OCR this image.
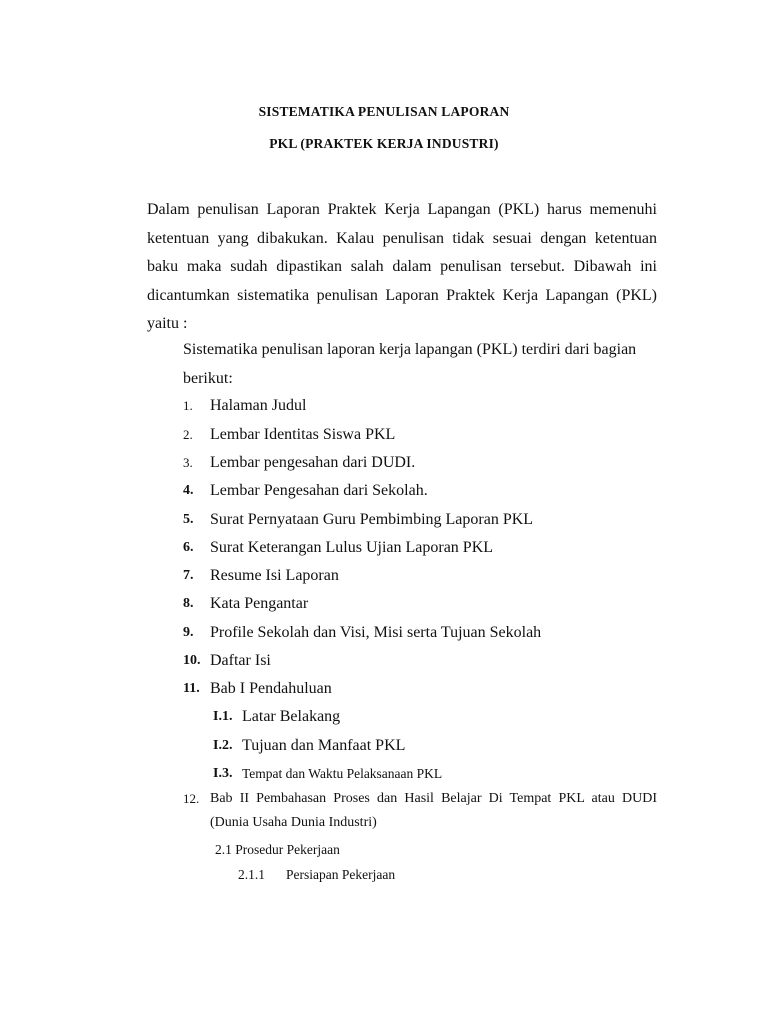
SISTEMATIKA PENULISAN LAPORAN
PKL (PRAKTEK KERJA INDUSTRI)
Dalam penulisan Laporan Praktek Kerja Lapangan (PKL) harus memenuhi ketentuan yang dibakukan. Kalau penulisan tidak sesuai dengan ketentuan baku maka sudah dipastikan salah dalam penulisan tersebut. Dibawah ini dicantumkan sistematika penulisan Laporan Praktek Kerja Lapangan (PKL) yaitu :
Sistematika penulisan laporan kerja lapangan (PKL) terdiri dari bagian berikut:
1. Halaman Judul
2. Lembar Identitas Siswa PKL
3. Lembar pengesahan dari DUDI.
4. Lembar Pengesahan dari Sekolah.
5. Surat Pernyataan Guru Pembimbing Laporan PKL
6. Surat Keterangan Lulus Ujian Laporan PKL
7. Resume Isi Laporan
8. Kata Pengantar
9. Profile Sekolah dan Visi, Misi serta Tujuan Sekolah
10. Daftar Isi
11. Bab I Pendahuluan
I.1. Latar Belakang
I.2. Tujuan dan Manfaat PKL
I.3. Tempat dan Waktu Pelaksanaan PKL
12. Bab II Pembahasan Proses dan Hasil Belajar Di Tempat PKL atau DUDI (Dunia Usaha Dunia Industri)
2.1 Prosedur Pekerjaan
2.1.1 Persiapan Pekerjaan
